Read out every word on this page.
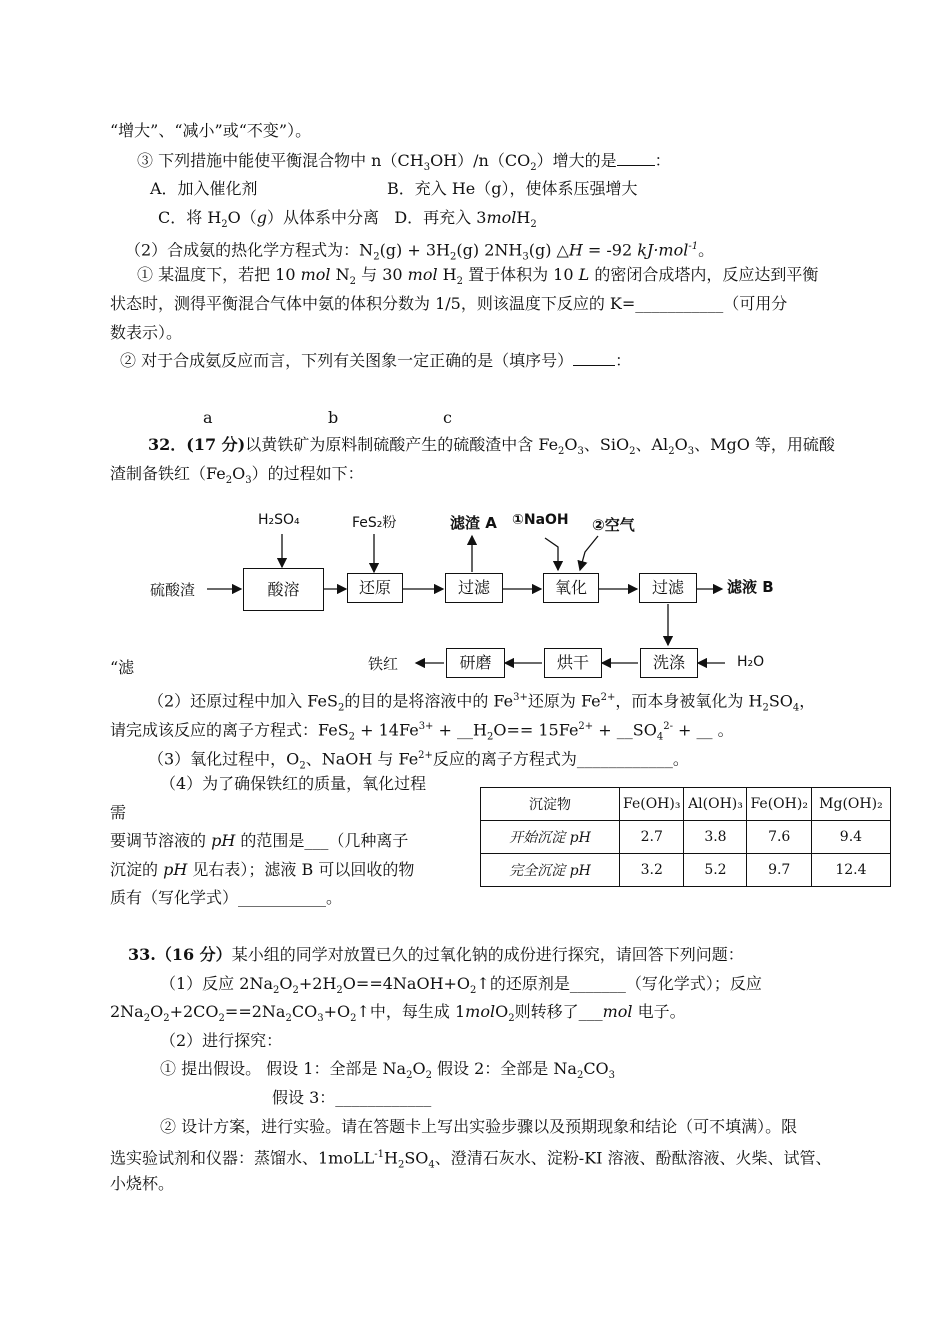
“增大”、“减小”或“不变”）。
③ 下列措施中能使平衡混合物中 $n(CH_3OH)/n(CO_2)$增大的是 ：
A．加入催化剂	B．充入 He（g），使体系压强增大
C．将 $H_2O(g)$从体系中分离 D．再充入 3molH$_2$
（2）合成氨的热化学方程式为：$N_2(g) + 3H_2(g)$ $2NH_3(g)$ △H = -92 kJ·mol$^{-1}$。
① 某温度下，若把 10 mol $N_2$ 与 30 mol $H_2$ 置于体积为 10 L 的密闭合成塔内，反应达到平衡
状态时，测得平衡混合气体中氨的体积分数为 1/5，则该温度下反应的 K=___________（可用分
数表示）。
② 对于合成氨反应而言，下列有关图象一定正确的是（填序号）	：
a	b	c
32．(17 分)以黄铁矿为原料制硫酸产生的硫酸渣中含 $Fe_2O_3$、SiO$_2$、$Al_2O_3$、MgO 等，用硫酸
渣制备铁红$(Fe_2O_3)$的过程如下：
硫酸渣	酸溶	还原	过滤	氧化	过滤
洗涤
烘干
研磨
铁红
H₂SO₄	FeS₂粉	滤渣 A ①NaOH ②空气
滤液 B
H₂O
“滤
（2）还原过程中加入 FeS$_2$的目的是将溶液中的 $Fe^{3+}$还原为 $Fe^{2+}$，而本身被氧化为 $H_2SO_4$，
请完成该反应的离子方程式：$FeS_2 + 14Fe^{3+}$ + $\_\_H_2O== 15Fe^{2+}$ + $\_\_SO_4^{2-}$ + __ 。
（3）氧化过程中，$O_2$、NaOH 与 $Fe^{2+}$反应的离子方程式为____________。
（4）为了确保铁红的质量，氧化过程
需
要调节溶液的 pH 的范围是___（几种离子
沉淀的 pH 见右表）；滤液 B 可以回收的物
质有（写化学式）___________。
沉淀物	Fe(OH)₃	Al(OH)₃	Fe(OH)₂	Mg(OH)₂
开始沉淀 pH	2.7	3.8	7.6	9.4
完全沉淀 pH	3.2	5.2	9.7	12.4
33.（16 分）某小组的同学对放置已久的过氧化钠的成份进行探究，请回答下列问题：
（1）反应 $2Na_2O_2+2H_2O==4NaOH+O_2↑$的还原剂是_______（写化学式）；反应
$2Na_2O_2+2CO_2==2Na_2CO_3+O_2↑$中，每生成 1molO$_2$则转移了___mol 电子。
（2）进行探究：
① 提出假设。 假设 1：全部是 $Na_2O_2$ 假设 2：全部是 $Na_2CO_3$
假设 3：____________
② 设计方案，进行实验。请在答题卡上写出实验步骤以及预期现象和结论（可不填满）。限
选实验试剂和仪器：蒸馏水、$1moLL^{-1}H_2SO_4$、澄清石灰水、淀粉-KI 溶液、酚酞溶液、火柴、试管、
小烧杯。
